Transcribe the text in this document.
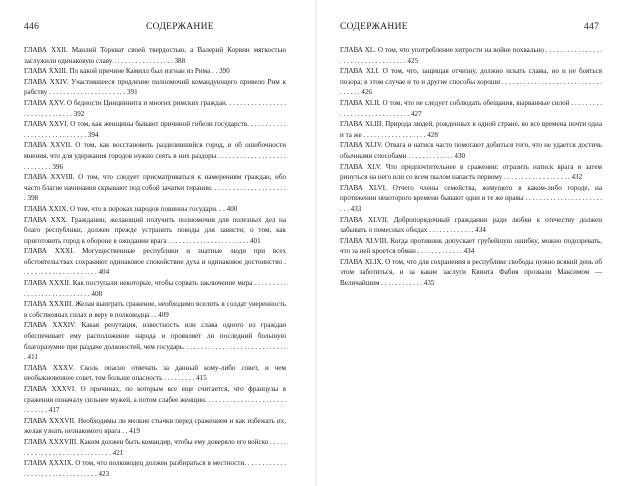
446	СОДЕРЖАНИЕ

ГЛАВА XXII. Манлий Торкват своей твердостью, а Валерий Корвин мягкостью заслужили одинаковую славу . . . . . . . . . . . . . . . . . 388

ГЛАВА XXIII. По какой причине Камилл был изгнан из Рима . . 390

ГЛАВА XXIV. Участившееся продление полномочий командующего привело Рим к рабству . . . . . . . . . . . . . . . . . . . . . . 391

ГЛАВА XXV. О бедности Цинциннита и многих римских граждан. . . . . . . . . . . . . . . . . . . . . . . . . . . . . . . 392

ГЛАВА XXVI. О том, как женщины бывают причиной гибели государств. . . . . . . . . . . . . . . . . . . . . . . . . . . . . 394

ГЛАВА XXVII. О том, как восстановить разделившийся город, и об ошибочности мнения, что для удержания городов нужно сеять в них раздоры . . . . . . . . . . . . . . . . . . . . . . . . . . . 396

ГЛАВА XXVIII. О том, что следует присматриваться к намерениям граждан, ибо часто благие начинания скрывают под собой зачатки тирании. . . . . . . . . . . . . . . . . . . . . . 398

ГЛАВА XXIX. О том, что в пороках народов повинны государи. . . 400

ГЛАВА XXX. Гражданин, желающий получить полномочия для полезных дел на благо республики, должен прежде устранить поводы для зависти; о том, как приготовить город к обороне в ожидании врага . . . . . . . . . . . . . . . . . . . . . . . 401

ГЛАВА XXXI. Могущественные республики и знатные люди при всех обстоятельствах сохраняют одинаковое спокойствие духа и одинаковое достоинство . . . . . . . . . . . . . . . . . . . . . . 404

ГЛАВА XXXII. Как поступали некоторые, чтобы сорвать заключение мира . . . . . . . . . . . . . . . . . . . . . . . . . . . . 408

ГЛАВА XXXIII. Желая выиграть сражение, необходимо вселить в солдат уверенность в собственных силах и веру в полководца . . 409

ГЛАВА XXXIV. Какая репутация, известность или слава одного из граждан обеспечивает ему расположение народа и проявляет ли последний большую благоразумие при раздаче должностей, чем государь. . . . . . . . . . . . . . . . . . . . . . . . . . . . . . 411

ГЛАВА XXXV. Сколь опасно отвечать за данный кому-либо совет, и чем необыкновеннее совет, тем больше опасность . . . . . . . . . 415

ГЛАВА XXXVI. О причинах, по которым все еще считается, что французы в сражении поначалу сильнее мужей, а потом слабее женщин. . . . . . . . . . . . . . . . . . . . . . . . . . . . . . 417

ГЛАВА XXXVII. Необходимы ли мелкие стычки перед сражением и как избежать их, желая узнать незнакомого врага . . 419

ГЛАВА XXXVIII. Каким должен быть командир, чтобы ему доверяло его войско . . . . . . . . . . . . . . . . . . . . . . . . . . . . . . 421

ГЛАВА XXXIX. О том, что полководец должен разбираться в местности. . . . . . . . . . . . . . . . . . . . . . . . . . . . . . . . . 423

СОДЕРЖАНИЕ	447

ГЛАВА XL. О том, что употребление хитрости на войне похвально . . . . . . . . . . . . . . . . . . . . . . . . . . . . . . . . . . . 425

ГЛАВА XLI. О том, что, защищая отчизну, должно искать славы, но и не бояться позора; в этом случае и то и другие способы хороши . . . . . . . . . . . . . . . . . . . . . . . . . . . . . . . . . . 426

ГЛАВА XLII. О том, что не следует соблюдать обещания, вырванные силой . . . . . . . . . . . . . . . . . . . . . . . . . . . . . 427

ГЛАВА XLIII. Природа людей, рожденных в одной стране, во все времена почти одна и та же . . . . . . . . . . . . . . . . . . 428

ГЛАВА XLIV. Отвага и натиск часто помогают добиться того, что не удается достичь обычными способами . . . . . . . . . . . . . 430

ГЛАВА XLV. Что предпочтительнее в сражении: отразить натиск врага и затем ринуться на него или со всем пылом напасть первому . . . . . . . . . . . . . . . . . . . 432

ГЛАВА XLVI. Отчего члены семейства, живущего в каком-либо городе, на протяжении некоторого времени бывают одни и те же нравы . . . . . . . . . . . . . . . . . . . . . . . . . 433

ГЛАВА XLVII. Добропорядочный гражданин ради любви к отечеству должен забывать о помесных обидах . . . . . . . . . . . . . 434

ГЛАВА XLVIII. Когда противник допускает грубейшую ошибку, можно подозревать, что за ней кроется обман . . . . . . . . . . . . . 434

ГЛАВА XLIX. О том, что для сохранения в республике свободы нужно всякий день об этом заботиться, и за какие заслуги Квинта Фабия прозвали Максимом — Величайшим . . . . . . . . . . . . 435
